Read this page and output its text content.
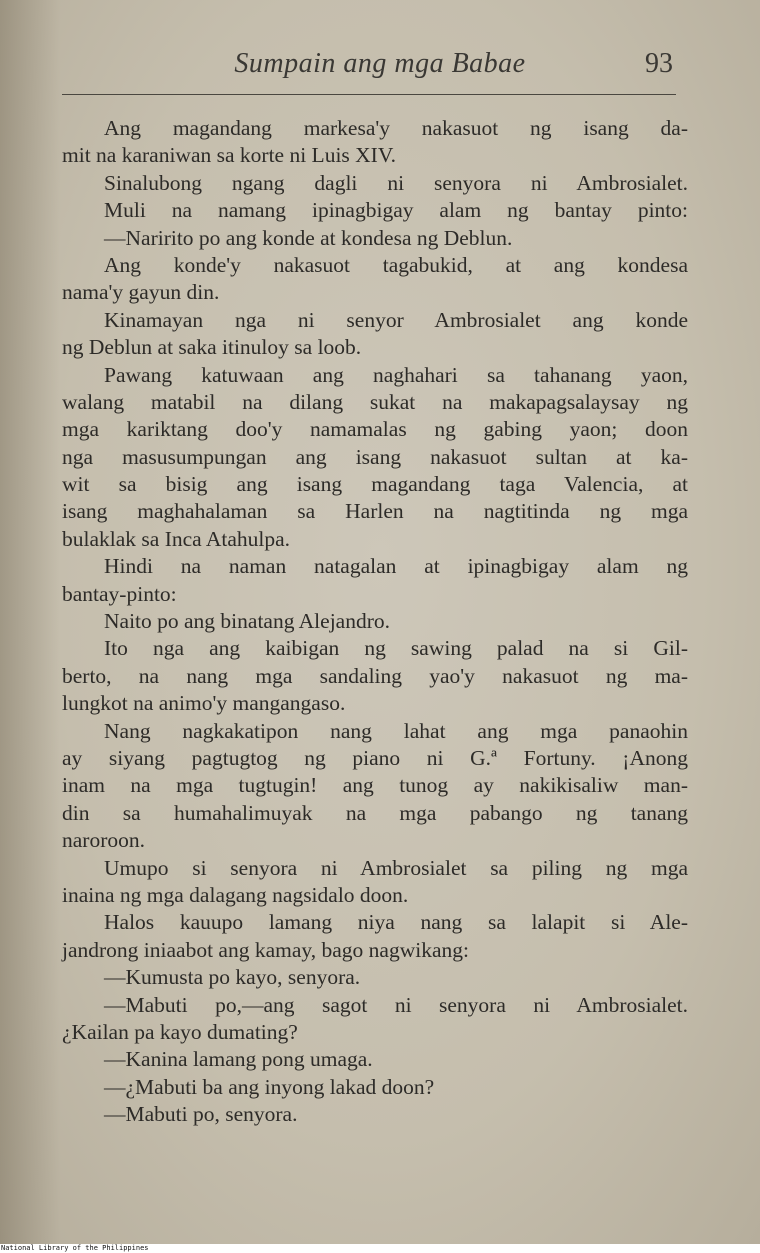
Sumpain ang mga Babae	93
Ang magandang markesa'y nakasuot ng isang da-
mit na karaniwan sa korte ni Luis XIV.
Sinalubong ngang dagli ni senyora ni Ambrosialet.
Muli na namang ipinagbigay alam ng bantay pinto:
—Naririto po ang konde at kondesa ng Deblun.
Ang konde'y nakasuot tagabukid, at ang kondesa
nama'y gayun din.
Kinamayan nga ni senyor Ambrosialet ang konde
ng Deblun at saka itinuloy sa loob.
Pawang katuwaan ang naghahari sa tahanang yaon,
walang matabil na dilang sukat na makapagsalaysay ng
mga kariktang doo'y namamalas ng gabing yaon; doon
nga masusumpungan ang isang nakasuot sultan at ka-
wit sa bisig ang isang magandang taga Valencia, at
isang maghahalaman sa Harlen na nagtitinda ng mga
bulaklak sa Inca Atahulpa.
Hindi na naman natagalan at ipinagbigay alam ng
bantay-pinto:
Naito po ang binatang Alejandro.
Ito nga ang kaibigan ng sawing palad na si Gil-
berto, na nang mga sandaling yao'y nakasuot ng ma-
lungkot na animo'y mangangaso.
Nang nagkakatipon nang lahat ang mga panaohin
ay siyang pagtugtog ng piano ni G.ª Fortuny. ¡Anong
inam na mga tugtugin! ang tunog ay nakikisaliw man-
din sa humahalimuyak na mga pabango ng tanang
naroroon.
Umupo si senyora ni Ambrosialet sa piling ng mga
inaina ng mga dalagang nagsidalo doon.
Halos kauupo lamang niya nang sa lalapit si Ale-
jandrong iniaabot ang kamay, bago nagwikang:
—Kumusta po kayo, senyora.
—Mabuti po,—ang sagot ni senyora ni Ambrosialet.
¿Kailan pa kayo dumating?
—Kanina lamang pong umaga.
—¿Mabuti ba ang inyong lakad doon?
—Mabuti po, senyora.
National Library of the Philippines
